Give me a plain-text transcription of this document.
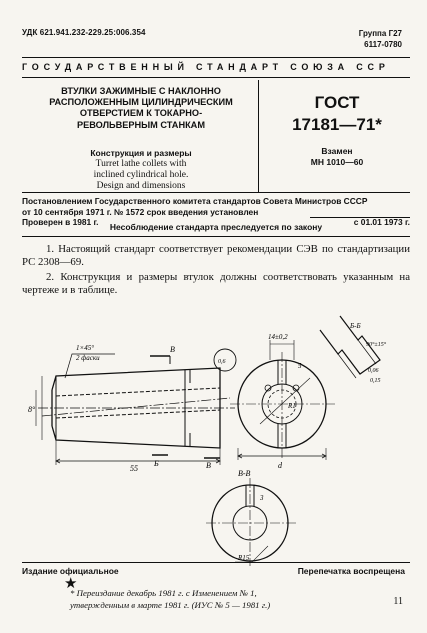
УДК 621.941.232-229.25:006.354	Группа Г27
6117-0780
ГОСУДАРСТВЕННЫЙ СТАНДАРТ СОЮЗА ССР
ВТУЛКИ ЗАЖИМНЫЕ С НАКЛОННО
РАСПОЛОЖЕННЫМ ЦИЛИНДРИЧЕСКИМ
ОТВЕРСТИЕМ К ТОКАРНО-
РЕВОЛЬВЕРНЫМ СТАНКАМ
Конструкция и размеры
Turret lathe collets with
inclined cylindrical hole.
Design and dimensions
ГОСТ
17181—71*
Взамен
МН 1010—60
Постановлением Государственного комитета стандартов Совета Министров СССР
от 10 сентября 1971 г. № 1572 срок введения установлен
Проверен в 1981 г.	с 01.01 1973 г.
Несоблюдение стандарта преследуется по закону
1. Настоящий стандарт соответствует рекомендации СЭВ по стандартизации РС 2308—69.
2. Конструкция и размеры втулок должны соответствовать указанным на чертеже и в таблице.
1×45°
2 фаски
В
Б	В
55
8°
0,6
14±0,2
5
R1
d
Б-Б
90°±15°
0,06
0,15
В-В
R15
3
Издание официальное	Перепечатка воспрещена
★
* Переиздание декабрь 1981 г. с Изменением № 1,
утвержденным в марте 1981 г. (ИУС № 5 — 1981 г.)	11
